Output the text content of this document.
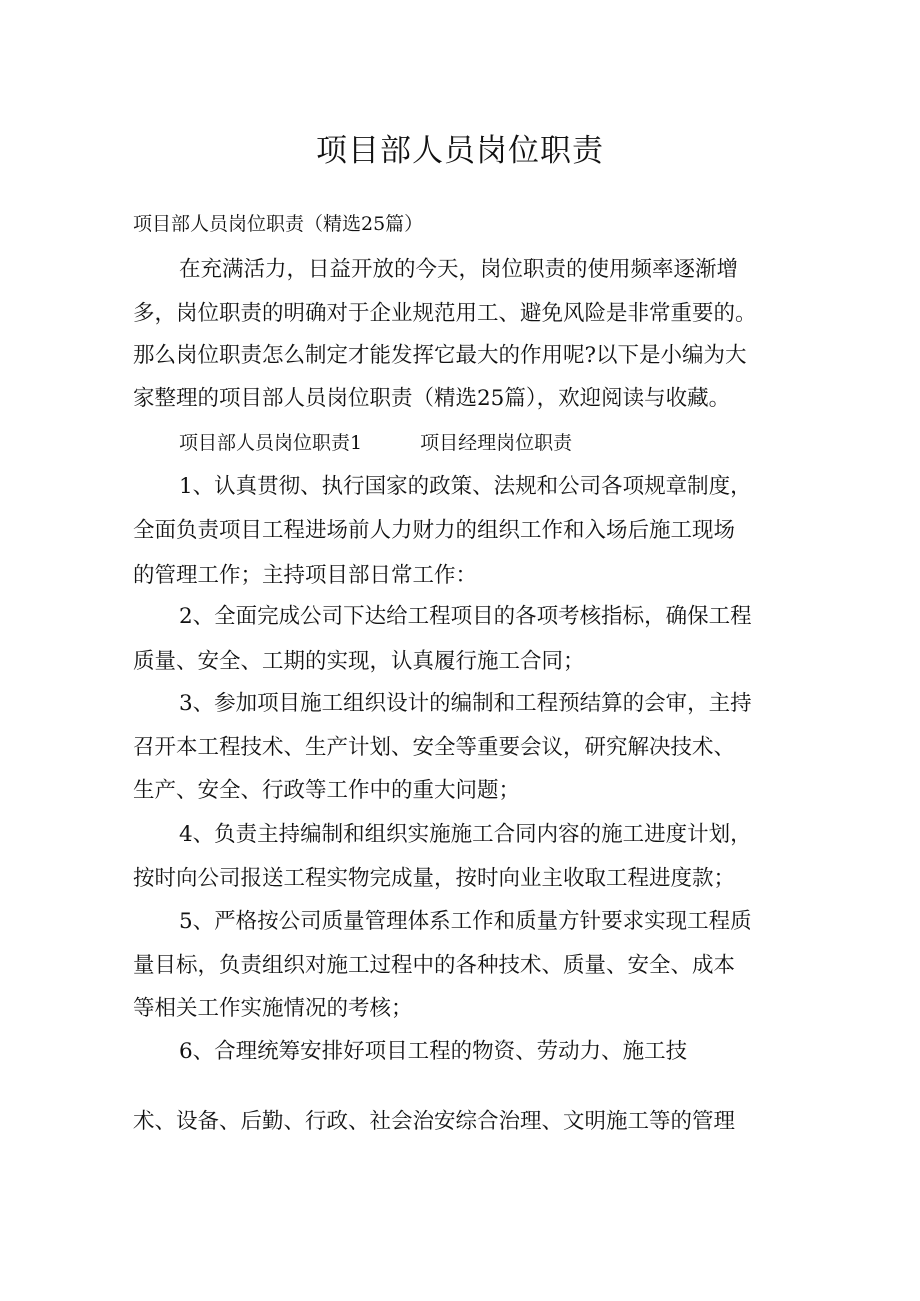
项目部人员岗位职责
项目部人员岗位职责（精选25篇）
在充满活力，日益开放的今天，岗位职责的使用频率逐渐增
多，岗位职责的明确对于企业规范用工、避免风险是非常重要的。
那么岗位职责怎么制定才能发挥它最大的作用呢?以下是小编为大
家整理的项目部人员岗位职责（精选25篇），欢迎阅读与收藏。
项目部人员岗位职责1	项目经理岗位职责
1、认真贯彻、执行国家的政策、法规和公司各项规章制度，
全面负责项目工程进场前人力财力的组织工作和入场后施工现场
的管理工作；主持项目部日常工作：
2、全面完成公司下达给工程项目的各项考核指标，确保工程
质量、安全、工期的实现，认真履行施工合同；
3、参加项目施工组织设计的编制和工程预结算的会审，主持
召开本工程技术、生产计划、安全等重要会议，研究解决技术、
生产、安全、行政等工作中的重大问题；
4、负责主持编制和组织实施施工合同内容的施工进度计划，
按时向公司报送工程实物完成量，按时向业主收取工程进度款；
5、严格按公司质量管理体系工作和质量方针要求实现工程质
量目标，负责组织对施工过程中的各种技术、质量、安全、成本
等相关工作实施情况的考核；
6、合理统筹安排好项目工程的物资、劳动力、施工技
术、设备、后勤、行政、社会治安综合治理、文明施工等的管理
